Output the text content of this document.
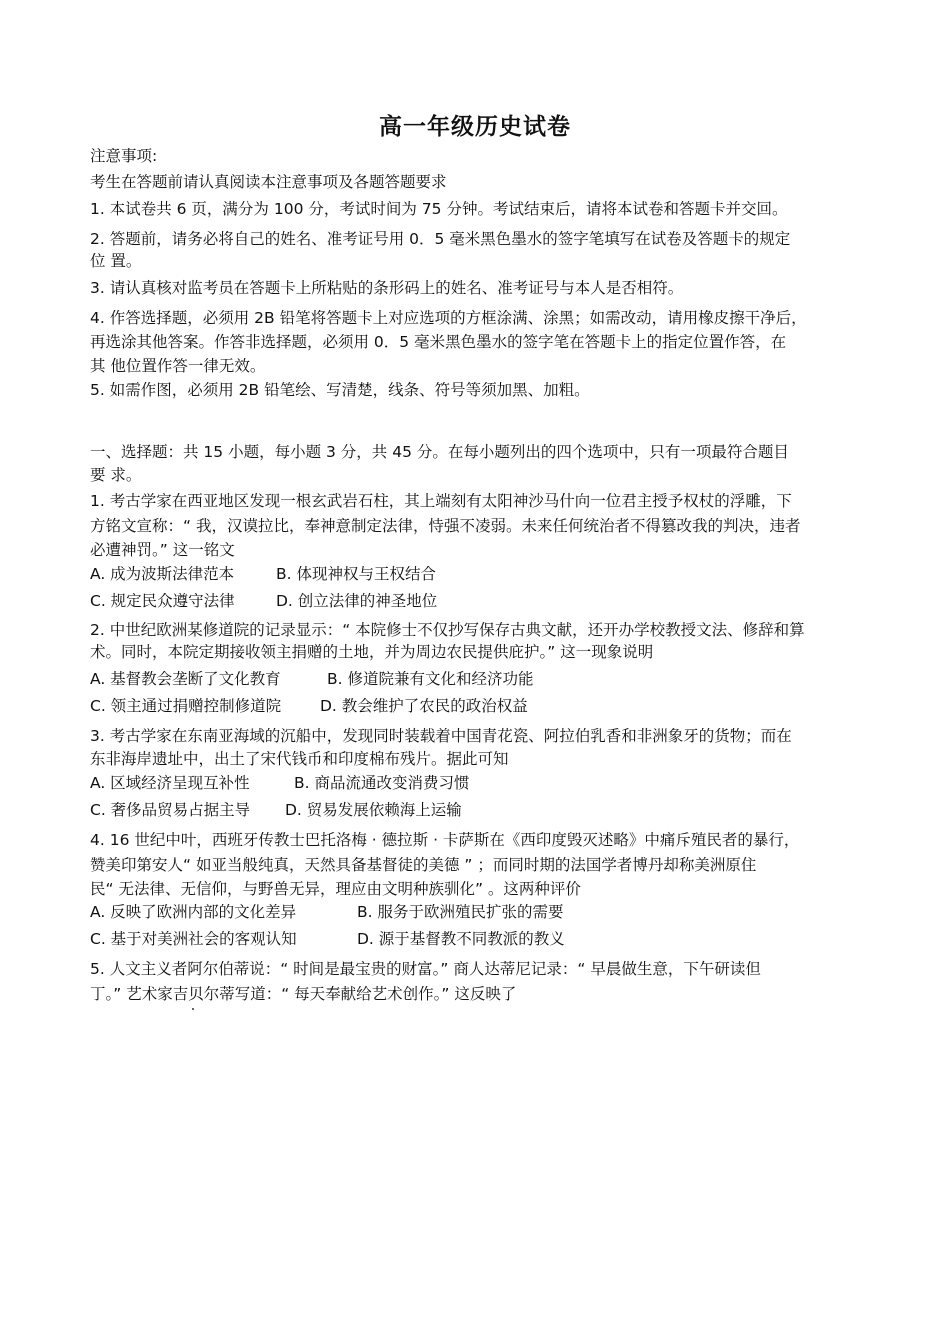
高一年级历史试卷
注意事项:
考生在答题前请认真阅读本注意事项及各题答题要求
1. 本试卷共 6 页，满分为 100 分，考试时间为 75 分钟。考试结束后，请将本试卷和答题卡并交回。
2. 答题前，请务必将自己的姓名、准考证号用 0．5 毫米黑色墨水的签字笔填写在试卷及答题卡的规定
位 置。
3. 请认真核对监考员在答题卡上所粘贴的条形码上的姓名、准考证号与本人是否相符。
4. 作答选择题，必须用 2B 铅笔将答题卡上对应选项的方框涂满、涂黑；如需改动，请用橡皮擦干净后，
再选涂其他答案。作答非选择题，必须用 0．5 毫米黑色墨水的签字笔在答题卡上的指定位置作答，在
其 他位置作答一律无效。
5. 如需作图，必须用 2B 铅笔绘、写清楚，线条、符号等须加黑、加粗。
一、选择题：共 15 小题，每小题 3 分，共 45 分。在每小题列出的四个选项中，只有一项最符合题目
要 求。
1. 考古学家在西亚地区发现一根玄武岩石柱，其上端刻有太阳神沙马什向一位君主授予权杖的浮雕，下
方铭文宣称：“ 我，汉谟拉比，奉神意制定法律，恃强不凌弱。未来任何统治者不得篡改我的判决，违者
必遭神罚。” 这一铭文
A. 成为波斯法律范本	B. 体现神权与王权结合
C. 规定民众遵守法律	D. 创立法律的神圣地位
2. 中世纪欧洲某修道院的记录显示：“ 本院修士不仅抄写保存古典文献，还开办学校教授文法、修辞和算
术。同时，本院定期接收领主捐赠的土地，并为周边农民提供庇护。” 这一现象说明
A. 基督教会垄断了文化教育	B. 修道院兼有文化和经济功能
C. 领主通过捐赠控制修道院	D. 教会维护了农民的政治权益
3. 考古学家在东南亚海域的沉船中，发现同时装载着中国青花瓷、阿拉伯乳香和非洲象牙的货物；而在
东非海岸遗址中，出土了宋代钱币和印度棉布残片。据此可知
A. 区域经济呈现互补性	B. 商品流通改变消费习惯
C. 奢侈品贸易占据主导 D. 贸易发展依赖海上运输
4. 16 世纪中叶，西班牙传教士巴托洛梅 · 德拉斯 · 卡萨斯在《西印度毁灭述略》中痛斥殖民者的暴行，
赞美印第安人“ 如亚当般纯真，天然具备基督徒的美德 ” ；而同时期的法国学者博丹却称美洲原住
民“ 无法律、无信仰，与野兽无异，理应由文明种族驯化” 。这两种评价
A. 反映了欧洲内部的文化差异	B. 服务于欧洲殖民扩张的需要
C. 基于对美洲社会的客观认知	D. 源于基督教不同教派的教义
5. 人文主义者阿尔伯蒂说：“ 时间是最宝贵的财富。” 商人达蒂尼记录：“ 早晨做生意，下午研读但
丁。” 艺术家吉贝尔蒂写道：“ 每天奉献给艺术创作。” 这反映了
